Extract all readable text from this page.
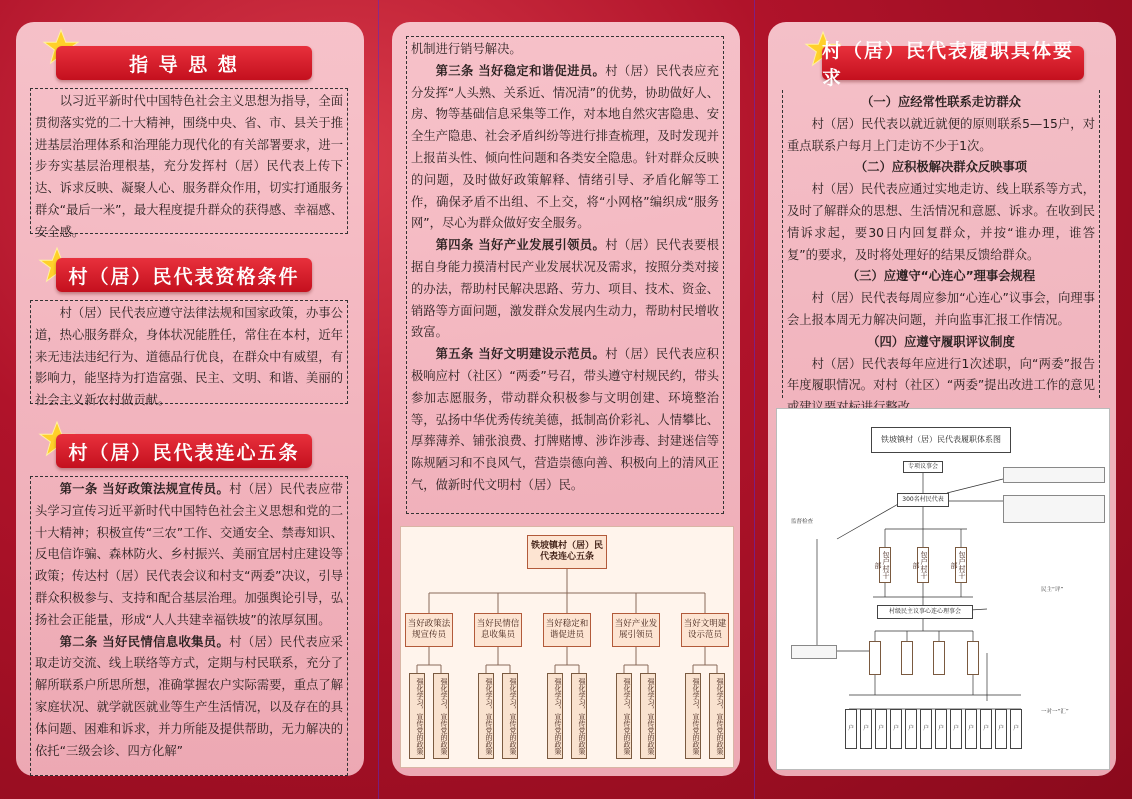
指 导 思 想

以习近平新时代中国特色社会主义思想为指导，全面贯彻落实党的二十大精神，围绕中央、省、市、县关于推进基层治理体系和治理能力现代化的有关部署要求，进一步夯实基层治理根基，充分发挥村（居）民代表上传下达、诉求反映、凝聚人心、服务群众作用，切实打通服务群众“最后一米”，最大程度提升群众的获得感、幸福感、安全感。

村（居）民代表资格条件

村（居）民代表应遵守法律法规和国家政策，办事公道，热心服务群众，身体状况能胜任，常住在本村，近年来无违法违纪行为、道德品行优良，在群众中有威望，有影响力，能坚持为打造富强、民主、文明、和谐、美丽的社会主义新农村做贡献。

村（居）民代表连心五条

第一条 当好政策法规宣传员。村（居）民代表应带头学习宣传习近平新时代中国特色社会主义思想和党的二十大精神；积极宣传“三农”工作、交通安全、禁毒知识、反电信诈骗、森林防火、乡村振兴、美丽宜居村庄建设等政策；传达村（居）民代表会议和村支“两委”决议，引导群众积极参与、支持和配合基层治理。加强舆论引导，弘扬社会正能量，形成“人人共建幸福铁坡”的浓厚氛围。

第二条 当好民情信息收集员。村（居）民代表应采取走访交流、线上联络等方式，定期与村民联系，充分了解所联系户所思所想，准确掌握农户实际需要，重点了解家庭状况、就学就医就业等生产生活情况，以及存在的具体问题、困难和诉求，并力所能及提供帮助，无力解决的依托“三级会诊、四方化解”

机制进行销号解决。

第三条 当好稳定和谐促进员。村（居）民代表应充分发挥“人头熟、关系近、情况清”的优势，协助做好人、房、物等基础信息采集等工作，对本地自然灾害隐患、安全生产隐患、社会矛盾纠纷等进行排查梳理，及时发现并上报苗头性、倾向性问题和各类安全隐患。针对群众反映的问题，及时做好政策解释、情绪引导、矛盾化解等工作，确保矛盾不出组、不上交，将“小网格”编织成“服务网”，尽心为群众做好安全服务。

第四条 当好产业发展引领员。村（居）民代表要根据自身能力摸清村民产业发展状况及需求，按照分类对接的办法，帮助村民解决思路、劳力、项目、技术、资金、销路等方面问题，激发群众发展内生动力，帮助村民增收致富。

第五条 当好文明建设示范员。村（居）民代表应积极响应村（社区）“两委”号召，带头遵守村规民约，带头参加志愿服务，带动群众积极参与文明创建、环境整治等，弘扬中华优秀传统美德，抵制高价彩礼、人情攀比、厚葬薄养、铺张浪费、打牌赌博、涉诈涉毒、封建迷信等陈规陋习和不良风气，营造崇德向善、积极向上的清风正气，做新时代文明村（居）民。

铁坡镇村（居）民代表连心五条
当好政策法规宣传员
当好民情信息收集员
当好稳定和谐促进员
当好产业发展引领员
当好文明建设示范员
强化学习，宣传党的政策	强化学习，宣传党的政策	强化学习，宣传党的政策	强化学习，宣传党的政策	强化学习，宣传党的政策	强化学习，宣传党的政策	强化学习，宣传党的政策	强化学习，宣传党的政策	强化学习，宣传党的政策	强化学习，宣传党的政策
村（居）民代表履职具体要求

（一）应经常性联系走访群众

村（居）民代表以就近就便的原则联系5—15户，对重点联系户每月上门走访不少于1次。

（二）应积极解决群众反映事项

村（居）民代表应通过实地走访、线上联系等方式，及时了解群众的思想、生活情况和意愿、诉求。在收到民情诉求起，要30日内回复群众，并按“谁办理，谁答复”的要求，及时将处理好的结果反馈给群众。

（三）应遵守“心连心”理事会规程

村（居）民代表每周应参加“心连心”议事会，向理事会上报本周无力解决问题，并向监事汇报工作情况。

（四）应遵守履职评议制度

村（居）民代表每年应进行1次述职，向“两委”报告年度履职情况。对村（社区）“两委”提出改进工作的意见

铁坡镇村（居）民代表履职体系图
专项议事会
300名村民代表
包户村干部	包户村干部	包户村干部
村级民主议事心连心理事会
监督检查
民主“评”
一对一“汇”
户	户	户	户	户	户	户	户	户	户	户	户
